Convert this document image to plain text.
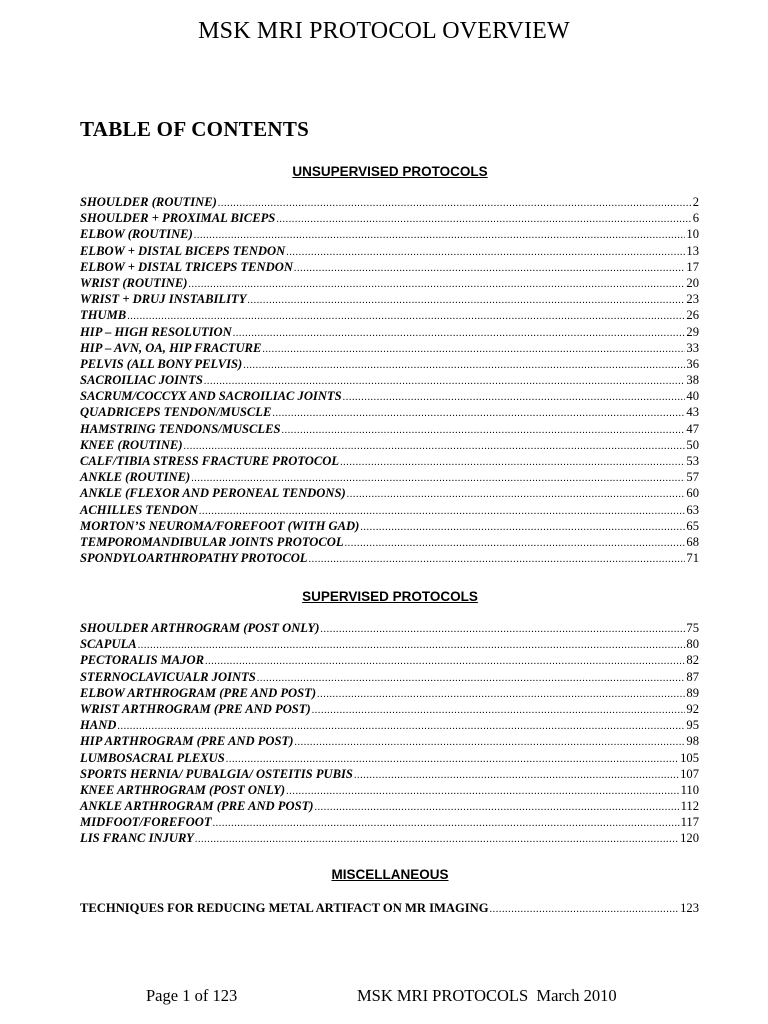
MSK MRI PROTOCOL OVERVIEW
TABLE OF CONTENTS
UNSUPERVISED PROTOCOLS
SHOULDER (ROUTINE) .....	2
SHOULDER + PROXIMAL BICEPS .....	6
ELBOW (ROUTINE) .....	10
ELBOW + DISTAL BICEPS TENDON .....	13
ELBOW + DISTAL TRICEPS TENDON .....	17
WRIST (ROUTINE) .....	20
WRIST + DRUJ INSTABILITY .....	23
THUMB .....	26
HIP – HIGH RESOLUTION .....	29
HIP – AVN, OA, HIP FRACTURE .....	33
PELVIS (ALL BONY PELVIS) .....	36
SACROILIAC JOINTS .....	38
SACRUM/COCCYX AND SACROILIAC JOINTS .....	40
QUADRICEPS TENDON/MUSCLE .....	43
HAMSTRING TENDONS/MUSCLES .....	47
KNEE (ROUTINE) .....	50
CALF/TIBIA STRESS FRACTURE PROTOCOL .....	53
ANKLE (ROUTINE) .....	57
ANKLE (FLEXOR AND PERONEAL TENDONS) .....	60
ACHILLES TENDON .....	63
MORTON’S NEUROMA/FOREFOOT (WITH GAD) .....	65
TEMPOROMANDIBULAR JOINTS PROTOCOL .....	68
SPONDYLOARTHROPATHY PROTOCOL .....	71
SUPERVISED PROTOCOLS
SHOULDER ARTHROGRAM (POST ONLY) .....	75
SCAPULA .....	80
PECTORALIS MAJOR .....	82
STERNOCLAVICUALR JOINTS .....	87
ELBOW ARTHROGRAM (PRE AND POST) .....	89
WRIST ARTHROGRAM (PRE AND POST) .....	92
HAND .....	95
HIP ARTHROGRAM (PRE AND POST) .....	98
LUMBOSACRAL PLEXUS .....	105
SPORTS HERNIA/ PUBALGIA/ OSTEITIS PUBIS .....	107
KNEE ARTHROGRAM (POST ONLY) .....	110
ANKLE ARTHROGRAM (PRE AND POST) .....	112
MIDFOOT/FOREFOOT .....	117
LIS FRANC INJURY .....	120
MISCELLANEOUS
TECHNIQUES FOR REDUCING METAL ARTIFACT ON MR IMAGING .....	123
Page 1 of 123	MSK MRI PROTOCOLS  March 2010
